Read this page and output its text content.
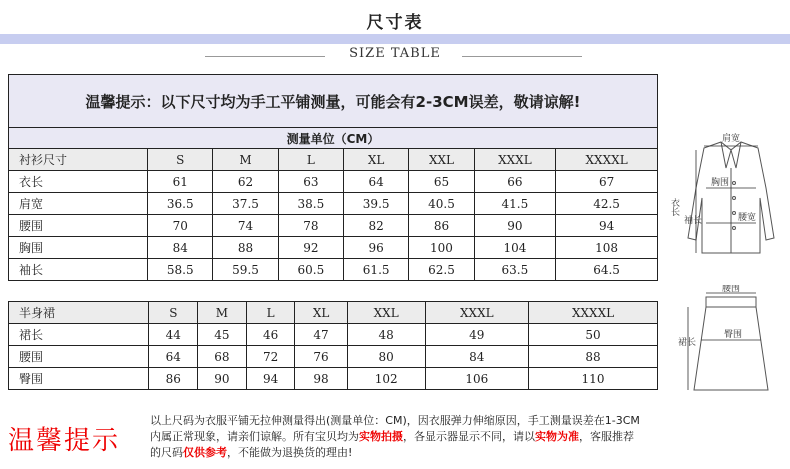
尺寸表
SIZE TABLE
温馨提示：以下尺寸均为手工平铺测量，可能会有2-3CM误差，敬请谅解!							
测量单位（CM）							
衬衫尺寸	S	M	L	XL	XXL	XXXL	XXXXL
衣长	61	62	63	64	65	66	67
肩宽	36.5	37.5	38.5	39.5	40.5	41.5	42.5
腰围	70	74	78	82	86	90	94
胸围	84	88	92	96	100	104	108
袖长	58.5	59.5	60.5	61.5	62.5	63.5	64.5
半身裙	S	M	L	XL	XXL	XXXL	XXXXL
裙长	44	45	46	47	48	49	50
腰围	64	68	72	76	80	84	88
臀围	86	90	94	98	102	106	110
肩宽
胸围
衣长
袖长	腰宽
腰围
臀围
裙长
温馨提示
以上尺码为衣服平铺无拉伸测量得出(测量单位：CM)，因衣服弹力伸缩原因，手工测量误差在1-3CM
内属正常现象，请亲们谅解。所有宝贝均为实物拍摄，各显示器显示不同，请以实物为准，客服推荐
的尺码仅供参考，不能做为退换货的理由!
